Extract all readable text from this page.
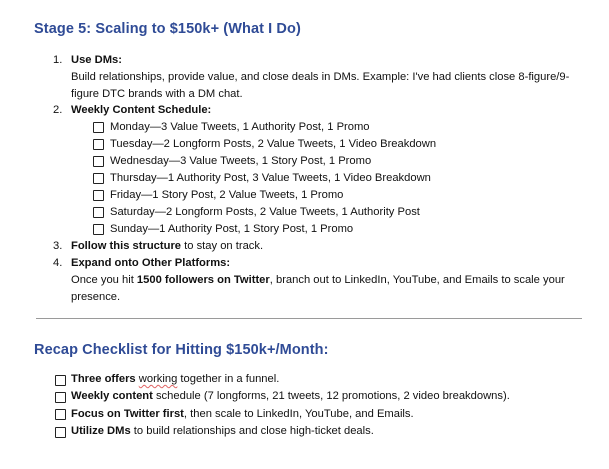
Stage 5: Scaling to $150k+ (What I Do)
1. Use DMs:
Build relationships, provide value, and close deals in DMs. Example: I've had clients close 8-figure/9-figure DTC brands with a DM chat.
2. Weekly Content Schedule:
Monday—3 Value Tweets, 1 Authority Post, 1 Promo
Tuesday—2 Longform Posts, 2 Value Tweets, 1 Video Breakdown
Wednesday—3 Value Tweets, 1 Story Post, 1 Promo
Thursday—1 Authority Post, 3 Value Tweets, 1 Video Breakdown
Friday—1 Story Post, 2 Value Tweets, 1 Promo
Saturday—2 Longform Posts, 2 Value Tweets, 1 Authority Post
Sunday—1 Authority Post, 1 Story Post, 1 Promo
3. Follow this structure to stay on track.
4. Expand onto Other Platforms:
Once you hit 1500 followers on Twitter, branch out to LinkedIn, YouTube, and Emails to scale your presence.
Recap Checklist for Hitting $150k+/Month:
Three offers working together in a funnel.
Weekly content schedule (7 longforms, 21 tweets, 12 promotions, 2 video breakdowns).
Focus on Twitter first, then scale to LinkedIn, YouTube, and Emails.
Utilize DMs to build relationships and close high-ticket deals.
